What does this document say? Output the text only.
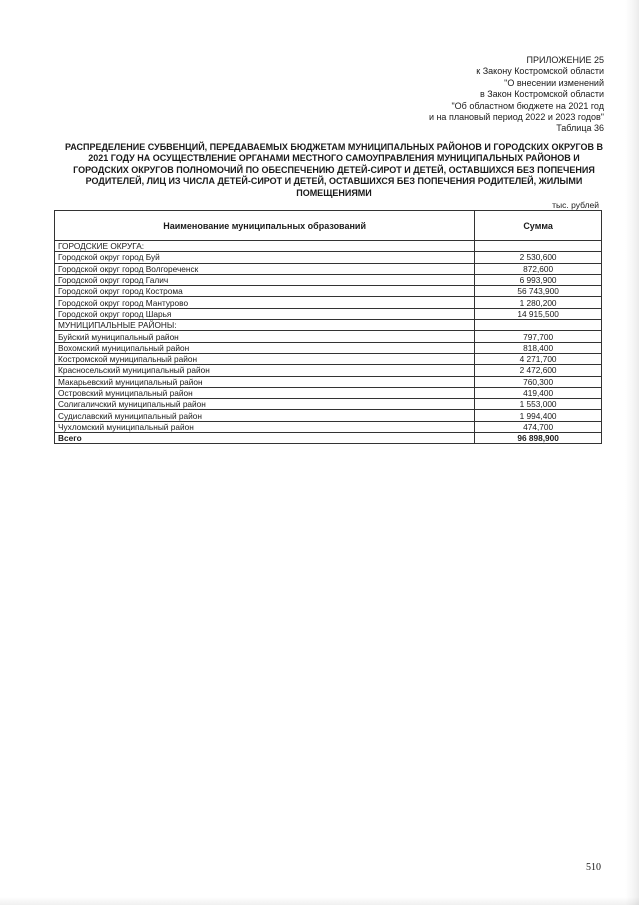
ПРИЛОЖЕНИЕ 25
к Закону Костромской области
"О внесении изменений
в Закон Костромской области
"Об областном бюджете на 2021 год
и на плановый период 2022 и 2023 годов"
Таблица 36
РАСПРЕДЕЛЕНИЕ СУБВЕНЦИЙ, ПЕРЕДАВАЕМЫХ БЮДЖЕТАМ МУНИЦИПАЛЬНЫХ РАЙОНОВ И ГОРОДСКИХ ОКРУГОВ В 2021 ГОДУ НА ОСУЩЕСТВЛЕНИЕ ОРГАНАМИ МЕСТНОГО САМОУПРАВЛЕНИЯ МУНИЦИПАЛЬНЫХ РАЙОНОВ И ГОРОДСКИХ ОКРУГОВ ПОЛНОМОЧИЙ ПО ОБЕСПЕЧЕНИЮ ДЕТЕЙ-СИРОТ И ДЕТЕЙ, ОСТАВШИХСЯ БЕЗ ПОПЕЧЕНИЯ РОДИТЕЛЕЙ, ЛИЦ ИЗ ЧИСЛА ДЕТЕЙ-СИРОТ И ДЕТЕЙ, ОСТАВШИХСЯ БЕЗ ПОПЕЧЕНИЯ РОДИТЕЛЕЙ, ЖИЛЫМИ ПОМЕЩЕНИЯМИ
тыс. рублей
Наименование муниципальных образований	Сумма
ГОРОДСКИЕ ОКРУГА:	
Городской округ город Буй	2 530,600
Городской округ город Волгореченск	872,600
Городской округ город Галич	6 993,900
Городской округ город Кострома	56 743,900
Городской округ город Мантурово	1 280,200
Городской округ город Шарья	14 915,500
МУНИЦИПАЛЬНЫЕ РАЙОНЫ:	
Буйский муниципальный район	797,700
Вохомский муниципальный район	818,400
Костромской муниципальный район	4 271,700
Красносельский муниципальный район	2 472,600
Макарьевский муниципальный район	760,300
Островский муниципальный район	419,400
Солигаличский муниципальный район	1 553,000
Судиславский муниципальный район	1 994,400
Чухломский муниципальный район	474,700
Всего	96 898,900
510
